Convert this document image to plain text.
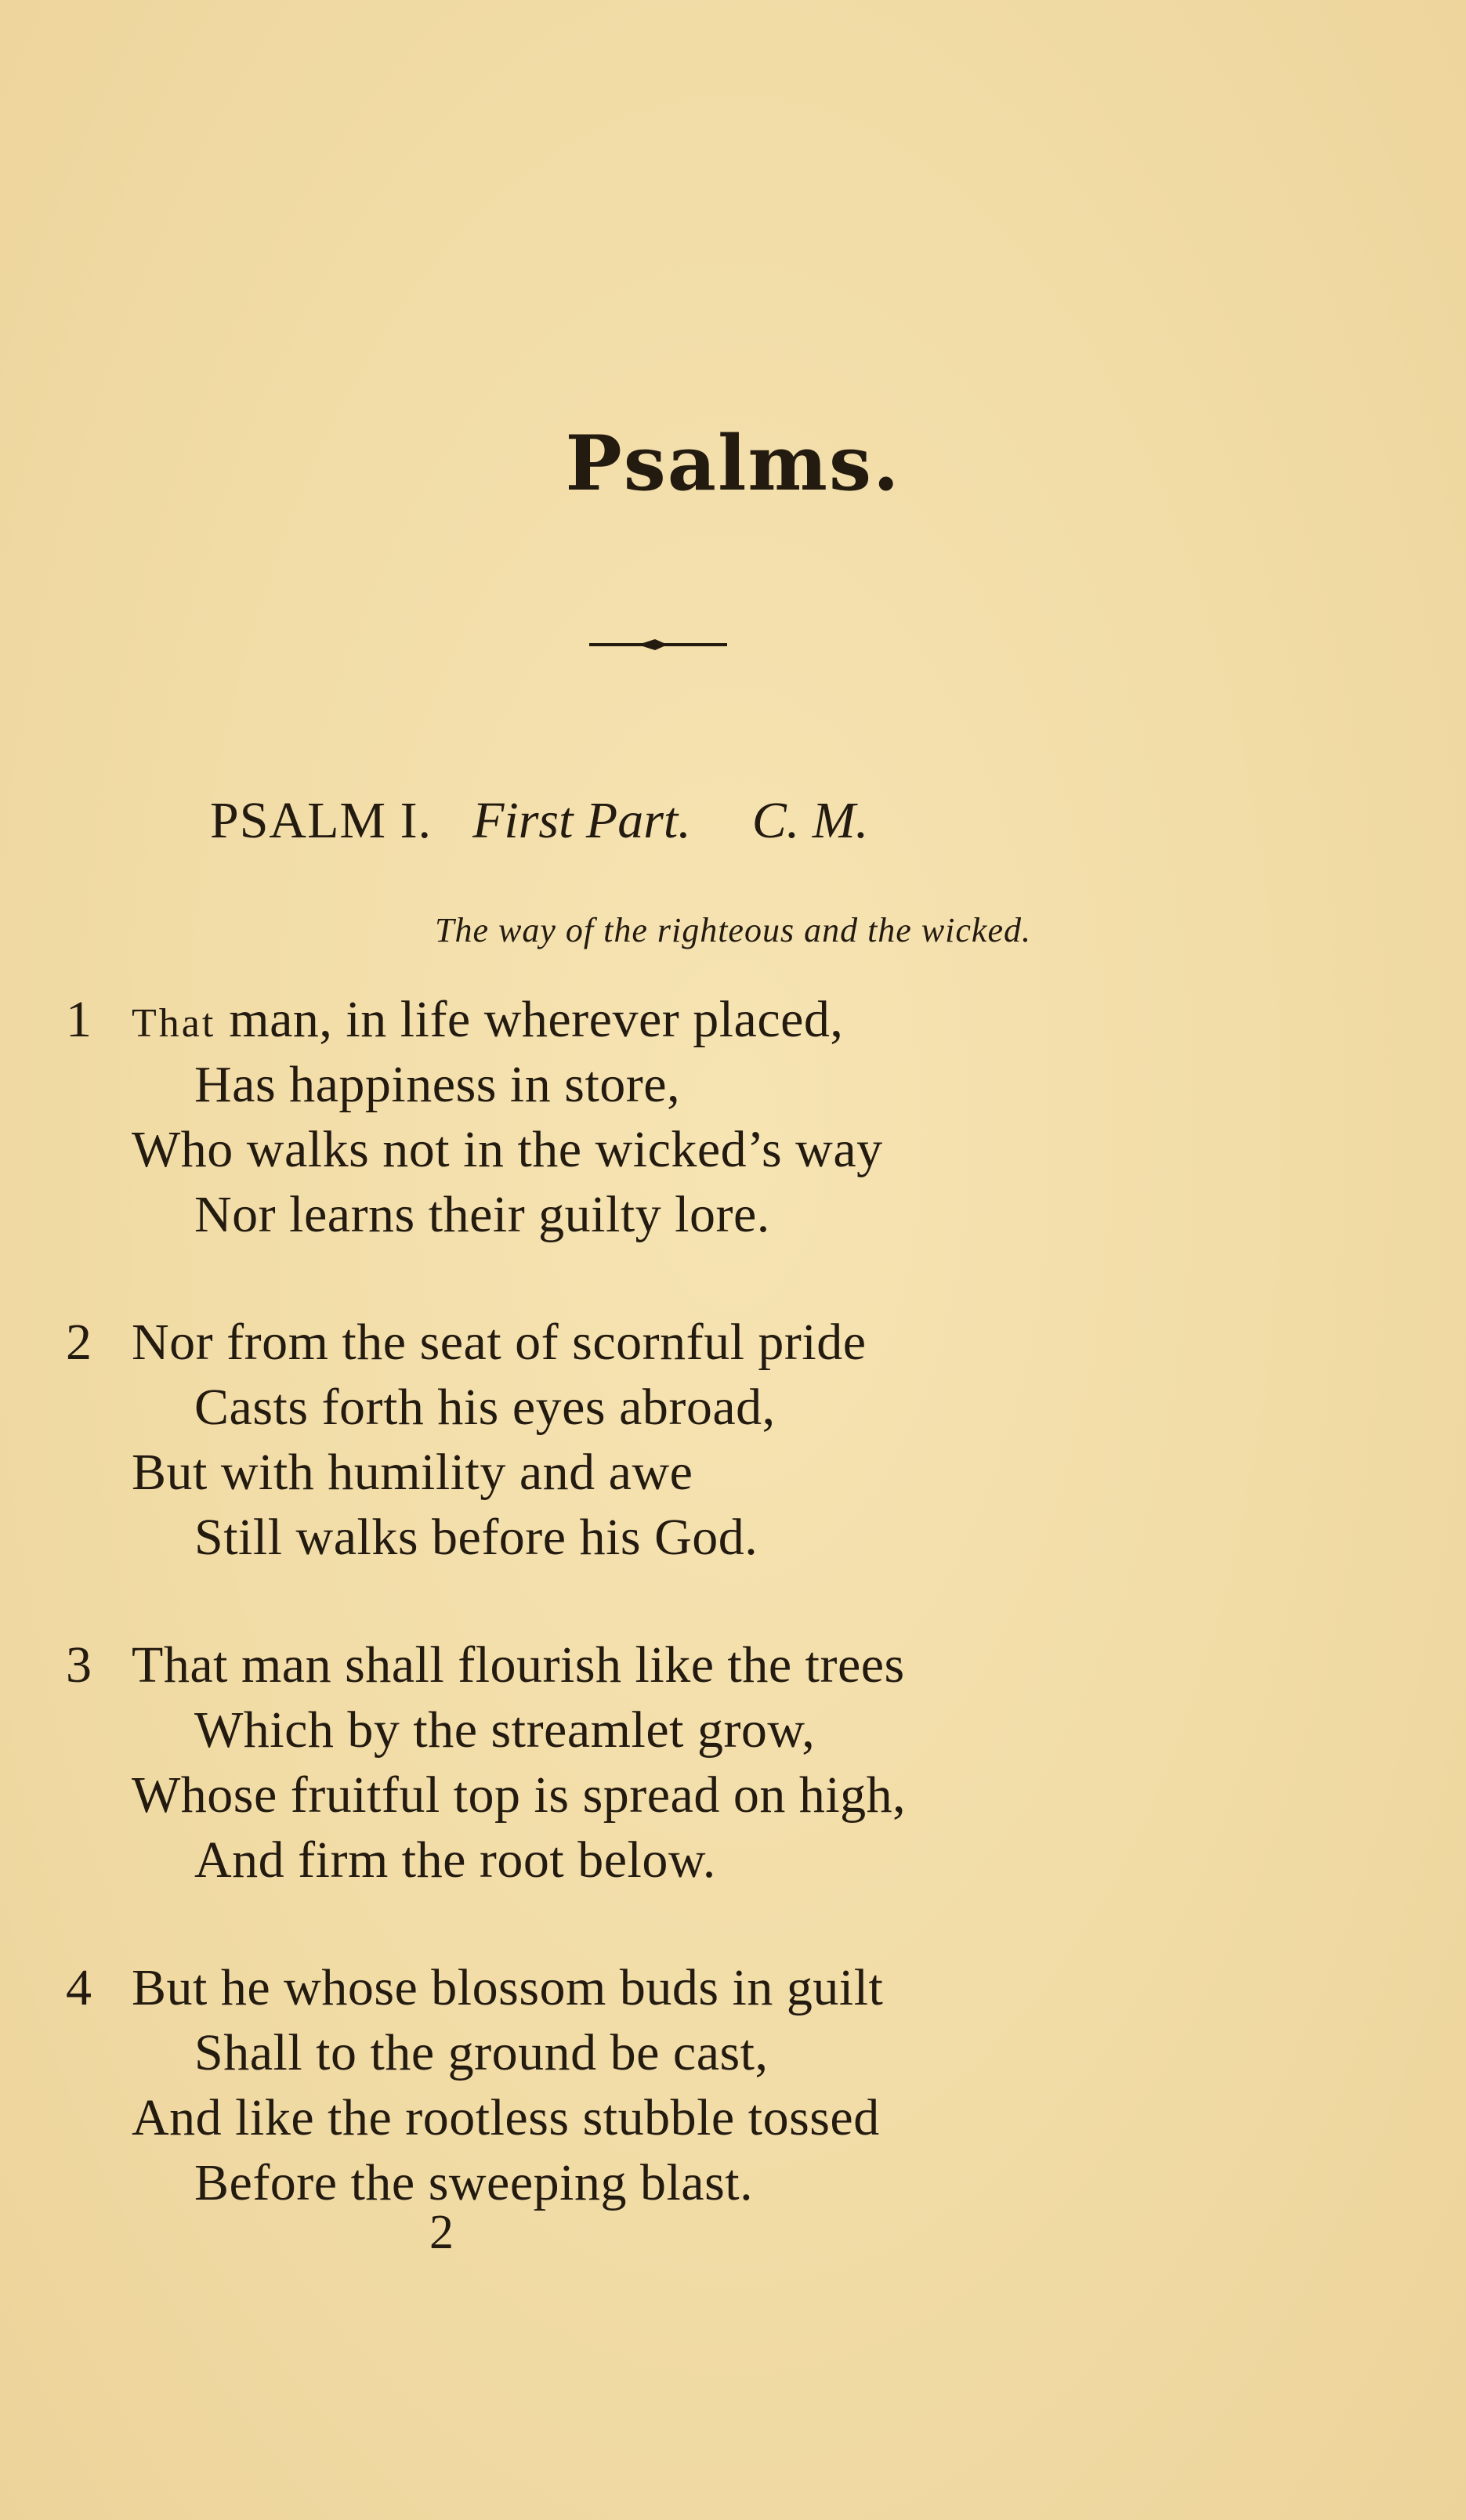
Psalms.
PSALM I. First Part. C. M.
The way of the righteous and the wicked.
1 That man, in life wherever placed,
Has happiness in store,
Who walks not in the wicked’s way
Nor learns their guilty lore.
2 Nor from the seat of scornful pride
Casts forth his eyes abroad,
But with humility and awe
Still walks before his God.
3 That man shall flourish like the trees
Which by the streamlet grow,
Whose fruitful top is spread on high,
And firm the root below.
4 But he whose blossom buds in guilt
Shall to the ground be cast,
And like the rootless stubble tossed
Before the sweeping blast.
2
